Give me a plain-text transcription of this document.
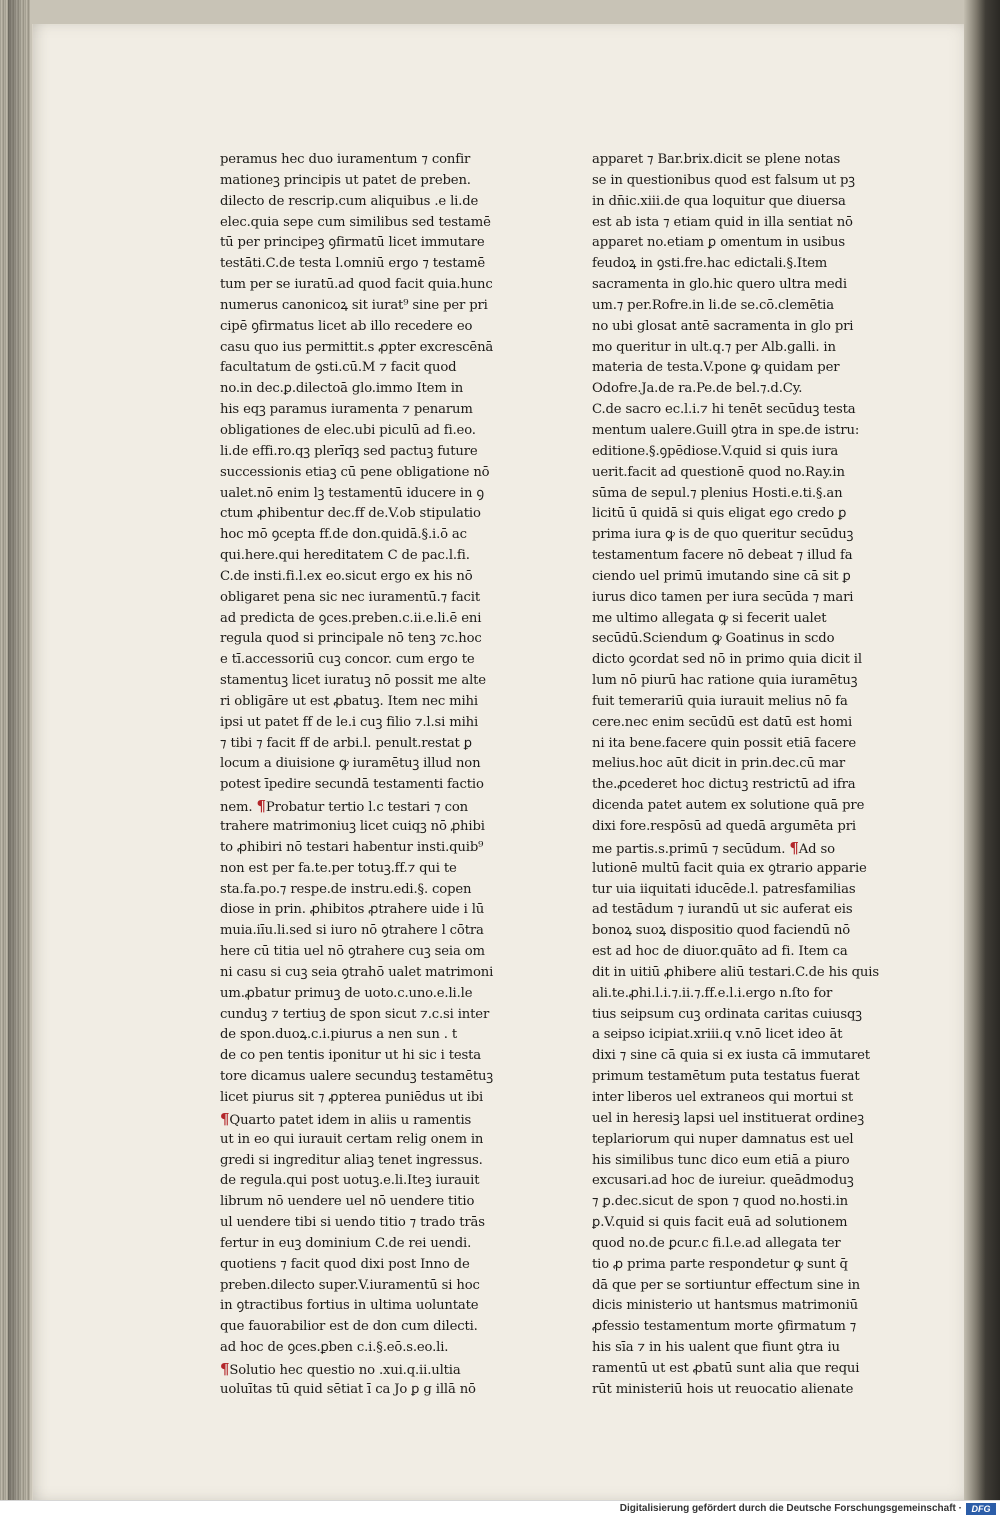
peramus hec duo iuramentum ⁊ confir
mationeꝫ principis ut patet de preben.
dilecto de rescrip.cum aliquibus .e li.de
elec.quia sepe cum similibus sed testamē
tū per principeꝫ ꝯfirmatū licet immutare
testāti.C.de testa l.omniū ergo ⁊ testamē
tum per se iuratū.ad quod facit quia.hunc
numerus canonicoꝝ sit iurat⁹ sine per pri
cipē ꝯfirmatus licet ab illo recedere eo
casu quo ius permittit.s ꝓpter excrescēnā
facultatum de ꝯsti.cū.M ⁊ facit quod
no.in dec.ꝑ.dilectoā glo.immo Item in
his eqꝫ paramus iuramenta ⁊ penarum
obligationes de elec.ubi piculū ad fi.eo.
li.de effi.ro.qꝫ plerīqꝫ sed pactuꝫ future
successionis etiaꝫ cū pene obligatione nō
ualet.nō enim lꝫ testamentū iducere in ꝯ
ctum ꝓhibentur dec.ff de.V.ob stipulatio
hoc mō ꝯcepta ff.de don.quidā.§.i.ō ac
qui.here.qui hereditatem C de pac.l.fi.
C.de insti.fi.l.ex eo.sicut ergo ex his nō
obligaret pena sic nec iuramentū.⁊ facit
ad predicta de ꝯces.preben.c.ii.e.li.ē eni
regula quod si principale nō tenꝫ ⁊c.hoc
e tī.accessoriū cuꝫ concor. cum ergo te
stamentuꝫ licet iuratuꝫ nō possit me alte
ri obligāre ut est ꝓbatuꝫ. Item nec mihi
ipsi ut patet ff de le.i cuꝫ filio ⁊.l.si mihi
⁊ tibi ⁊ facit ff de arbi.l. penult.restat ꝑ
locum a diuisione ꝙ iuramētuꝫ illud non
potest īpedire secundā testamenti factio
nem. ¶Probatur tertio l.c testari ⁊ con
trahere matrimoniuꝫ licet cuiqꝫ nō ꝓhibi
to ꝓhibiri nō testari habentur insti.quib⁹
non est per fa.te.per totuꝫ.ff.⁊ qui te
sta.fa.po.⁊ respe.de instru.edi.§. copen
diose in prin. ꝓhibitos ꝓtrahere uide i lū
muia.iīu.li.sed si iuro nō ꝯtrahere l cōtra
here cū titia uel nō ꝯtrahere cuꝫ seia om
ni casu si cuꝫ seia ꝯtrahō ualet matrimoni
um.ꝓbatur primuꝫ de uoto.c.uno.e.li.le
cunduꝫ ⁊ tertiuꝫ de spon sicut ⁊.c.si inter
de spon.duoꝝ.c.i.piurus a nen sun . t
de co pen tentis iponitur ut hi sic i testa
tore dicamus ualere secunduꝫ testamētuꝫ
licet piurus sit ⁊ ꝓpterea puniēdus ut ibi
¶Quarto patet idem in aliis u ramentis
ut in eo qui iurauit certam relig onem in
gredi si ingreditur aliaꝫ tenet ingressus.
de regula.qui post uotuꝫ.e.li.Iteꝫ iurauit
librum nō uendere uel nō uendere titio
ul uendere tibi si uendo titio ⁊ trado trās
fertur in euꝫ dominium C.de rei uendi.
quotiens ⁊ facit quod dixi post Inno de
preben.dilecto super.V.iuramentū si hoc
in ꝯtractibus fortius in ultima uoluntate
que fauorabilior est de don cum dilecti.
ad hoc de ꝯces.ꝑben c.i.§.eō.s.eo.li.
¶Solutio hec questio no .xui.q.ii.ultia
uoluītas tū quid sētiat ī ca Jo ꝑ g illā nō
apparet ⁊ Bar.brix.dicit se plene notas
se in questionibus quod est falsum ut pꝫ
in dn̄ic.xiii.de qua loquitur que diuersa
est ab ista ⁊ etiam quid in illa sentiat nō
apparet no.etiam ꝑ omentum in usibus
feudoꝝ in ꝯsti.fre.hac edictali.§.Item
sacramenta in glo.hic quero ultra medi
um.⁊ per.Rofre.in li.de se.cō.clemētia
no ubi glosat antē sacramenta in glo pri
mo queritur in ult.q.⁊ per Alb.galli. in
materia de testa.V.pone ꝙ quidam per
Odofre.Ja.de ra.Pe.de bel.⁊.d.Cy.
C.de sacro ec.l.i.⁊ hi tenēt secūduꝫ testa
mentum ualere.Guill ꝯtra in spe.de istru:
editione.§.ꝯpēdiose.V.quid si quis iura
uerit.facit ad questionē quod no.Ray.in
sūma de sepul.⁊ plenius Hosti.e.ti.§.an
licitū ū quidā si quis eligat ego credo ꝑ
prima iura ꝙ is de quo queritur secūduꝫ
testamentum facere nō debeat ⁊ illud fa
ciendo uel primū imutando sine cā sit ꝑ
iurus dico tamen per iura secūda ⁊ mari
me ultimo allegata ꝙ si fecerit ualet
secūdū.Sciendum ꝙ Goatinus in scdo
dicto ꝯcordat sed nō in primo quia dicit il
lum nō piurū hac ratione quia iuramētuꝫ
fuit temerariū quia iurauit melius nō fa
cere.nec enim secūdū est datū est homi
ni ita bene.facere quin possit etiā facere
melius.hoc aūt dicit in prin.dec.cū mar
the.ꝓcederet hoc dictuꝫ restrictū ad ifra
dicenda patet autem ex solutione quā pre
dixi fore.respōsū ad quedā argumēta pri
me partis.s.primū ⁊ secūdum. ¶Ad so
lutionē multū facit quia ex ꝯtrario apparie
tur uia iiquitati iducēde.l. patresfamilias
ad testādum ⁊ iurandū ut sic auferat eis
bonoꝝ suoꝝ dispositio quod faciendū nō
est ad hoc de diuor.quāto ad fi. Item ca
dit in uitiū ꝓhibere aliū testari.C.de his quis
ali.te.ꝓhi.l.i.⁊.ii.⁊.ff.e.l.i.ergo n.ſto for
tius seipsum cuꝫ ordinata caritas cuiusqꝫ
a seipso icipiat.xriii.q v.nō licet ideo āt
dixi ⁊ sine cā quia si ex iusta cā immutaret
primum testamētum puta testatus fuerat
inter liberos uel extraneos qui mortui st
uel in heresiꝫ lapsi uel instituerat ordineꝫ
teplariorum qui nuper damnatus est uel
his similibus tunc dico eum etiā a piuro
excusari.ad hoc de iureiur. queādmoduꝫ
⁊ ꝑ.dec.sicut de spon ⁊ quod no.hosti.in
ꝑ.V.quid si quis facit euā ad solutionem
quod no.de ꝑcur.c fi.l.e.ad allegata ter
tio ꝓ prima parte respondetur ꝙ sunt q̄
dā que per se sortiuntur effectum sine in
dicis ministerio ut hantsmus matrimoniū
ꝓfessio testamentum morte ꝯfirmatum ⁊
his sīa ⁊ in his ualent que fiunt ꝯtra iu
ramentū ut est ꝓbatū sunt alia que requi
rūt ministeriū hois ut reuocatio alienate
Digitalisierung gefördert durch die Deutsche Forschungsgemeinschaft ·	DFG
